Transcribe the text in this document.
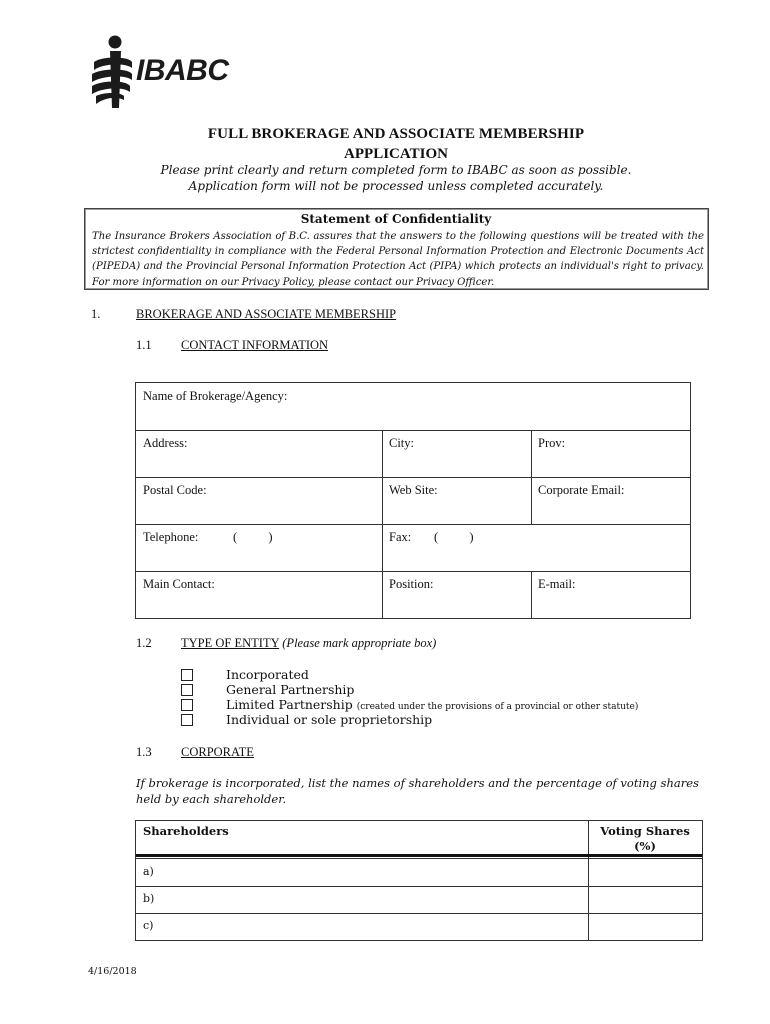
IBABC
FULL BROKERAGE AND ASSOCIATE MEMBERSHIP
APPLICATION
Please print clearly and return completed form to IBABC as soon as possible.
Application form will not be processed unless completed accurately.
Statement of Confidentiality
The Insurance Brokers Association of B.C. assures that the answers to the following questions will be treated with the strictest confidentiality in compliance with the Federal Personal Information Protection and Electronic Documents Act (PIPEDA) and the Provincial Personal Information Protection Act (PIPA) which protects an individual's right to privacy. For more information on our Privacy Policy, please contact our Privacy Officer.
1.	BROKERAGE AND ASSOCIATE MEMBERSHIP
1.1 CONTACT INFORMATION
Name of Brokerage/Agency:
Address:	City:	Prov:
Postal Code:	Web Site:	Corporate Email:
Telephone:	(          )	Fax: (          )
Main Contact:	Position:	E-mail:
1.2 TYPE OF ENTITY (Please mark appropriate box)
Incorporated
General Partnership
Limited Partnership (created under the provisions of a provincial or other statute)
Individual or sole proprietorship
1.3 CORPORATE
If brokerage is incorporated, list the names of shareholders and the percentage of voting shares
held by each shareholder.
Shareholders	Voting Shares
(%)
a)
b)
c)
4/16/2018
